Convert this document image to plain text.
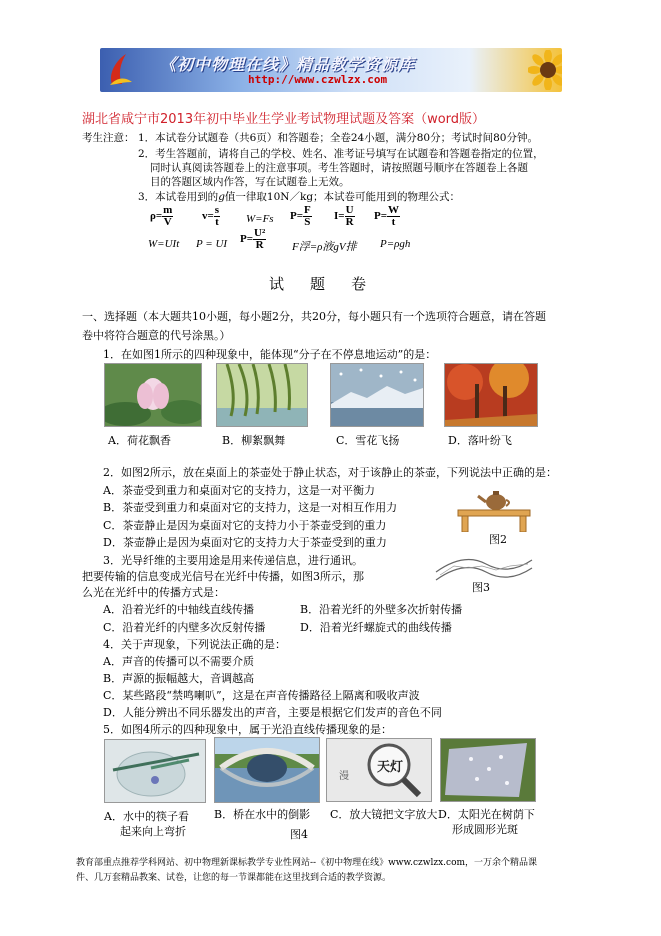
《初中物理在线》精品教学资源库
http://www.czwlzx.com
湖北省咸宁市2013年初中毕业生学业考试物理试题及答案（word版）
考生注意： 1．本试卷分试题卷（共6页）和答题卷；全卷24小题，满分80分；考试时间80分钟。
2．考生答题前，请将自己的学校、姓名、准考证号填写在试题卷和答题卷指定的位置，
同时认真阅读答题卷上的注意事项。考生答题时，请按照题号顺序在答题卷上各题
目的答题区域内作答，写在试题卷上无效。
3．本试卷用到的g值一律取10N／kg；本试卷可能用到的物理公式：
$\rho= \frac{m}{V}$	$v= \frac{s}{t} W=Fs$ $P= \frac{F}{S} I= \frac{U}{R} P= \frac{W}{t}$
W=UIt P = UI $P= \frac{\text{U²}}{R}$ F浮=ρ液gV排 P=ρgh
试题卷
一、选择题（本大题共10小题，每小题2分，共20分，每小题只有一个选项符合题意，请在答题
卷中将符合题意的代号涂黑。）
1．在如图1所示的四种现象中，能体现“分子在不停息地运动”的是：
A．荷花飘香	B．柳絮飘舞	C．雪花飞扬	D．落叶纷飞
2．如图2所示，放在桌面上的茶壶处于静止状态，对于该静止的茶壶，下列说法中正确的是：
A．茶壶受到重力和桌面对它的支持力，这是一对平衡力
B．茶壶受到重力和桌面对它的支持力，这是一对相互作用力
C．茶壶静止是因为桌面对它的支持力小于茶壶受到的重力
D．茶壶静止是因为桌面对它的支持力大于茶壶受到的重力	图2
3．光导纤维的主要用途是用来传递信息，进行通讯。
把要传输的信息变成光信号在光纤中传播，如图3所示，那
么光在光纤中的传播方式是：	图3
A．沿着光纤的中轴线直线传播	B．沿着光纤的外壁多次折射传播
C．沿着光纤的内壁多次反射传播	D．沿着光纤螺旋式的曲线传播
4．关于声现象，下列说法正确的是：
A．声音的传播可以不需要介质
B．声源的振幅越大，音调越高
C．某些路段“禁鸣喇叭”，这是在声音传播路径上隔离和吸收声波
D．人能分辨出不同乐器发出的声音，主要是根据它们发声的音色不同
5．如图4所示的四种现象中，属于光沿直线传播现象的是：
漫
天灯
A．水中的筷子看
起来向上弯折
B．桥在水中的倒影 C．放大镜把文字放大 D．太阳光在树荫下
形成圆形光斑
图4
教育部重点推荐学科网站、初中物理新课标教学专业性网站--《初中物理在线》www.czwlzx.com，一万余个精品课
件、几万套精品教案、试卷，让您的每一节课都能在这里找到合适的教学资源。
